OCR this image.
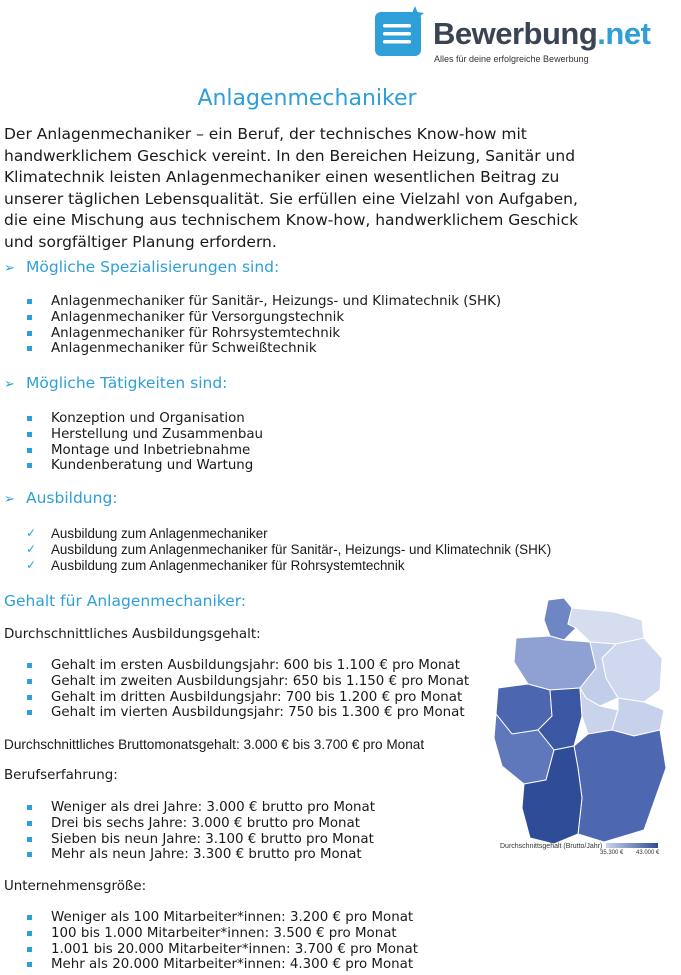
Bewerbung.net
Alles für deine erfolgreiche Bewerbung
Anlagenmechaniker

Der Anlagenmechaniker – ein Beruf, der technisches Know-how mit handwerklichem Geschick vereint. In den Bereichen Heizung, Sanitär und Klimatechnik leisten Anlagenmechaniker einen wesentlichen Beitrag zu unserer täglichen Lebensqualität. Sie erfüllen eine Vielzahl von Aufgaben, die eine Mischung aus technischem Know-how, handwerklichem Geschick und sorgfältiger Planung erfordern.

➢ Mögliche Spezialisierungen sind:
Anlagenmechaniker für Sanitär-, Heizungs- und Klimatechnik (SHK)
Anlagenmechaniker für Versorgungstechnik
Anlagenmechaniker für Rohrsystemtechnik
Anlagenmechaniker für Schweißtechnik
➢ Mögliche Tätigkeiten sind:
Konzeption und Organisation
Herstellung und Zusammenbau
Montage und Inbetriebnahme
Kundenberatung und Wartung
➢ Ausbildung:
✓ Ausbildung zum Anlagenmechaniker
✓ Ausbildung zum Anlagenmechaniker für Sanitär-, Heizungs- und Klimatechnik (SHK)
✓ Ausbildung zum Anlagenmechaniker für Rohrsystemtechnik
Gehalt für Anlagenmechaniker:
Durchschnittliches Ausbildungsgehalt:
Gehalt im ersten Ausbildungsjahr: 600 bis 1.100 € pro Monat
Gehalt im zweiten Ausbildungsjahr: 650 bis 1.150 € pro Monat
Gehalt im dritten Ausbildungsjahr: 700 bis 1.200 € pro Monat
Gehalt im vierten Ausbildungsjahr: 750 bis 1.300 € pro Monat
Durchschnittliches Bruttomonatsgehalt: 3.000 € bis 3.700 € pro Monat
Berufserfahrung:
Weniger als drei Jahre: 3.000 € brutto pro Monat
Drei bis sechs Jahre: 3.000 € brutto pro Monat
Sieben bis neun Jahre: 3.100 € brutto pro Monat
Mehr als neun Jahre: 3.300 € brutto pro Monat
Unternehmensgröße:
Weniger als 100 Mitarbeiter*innen: 3.200 € pro Monat
100 bis 1.000 Mitarbeiter*innen: 3.500 € pro Monat
1.001 bis 20.000 Mitarbeiter*innen: 3.700 € pro Monat
Mehr als 20.000 Mitarbeiter*innen: 4.300 € pro Monat
Durchschnittsgehalt (Brutto/Jahr)
35.300 € 43.000 €
